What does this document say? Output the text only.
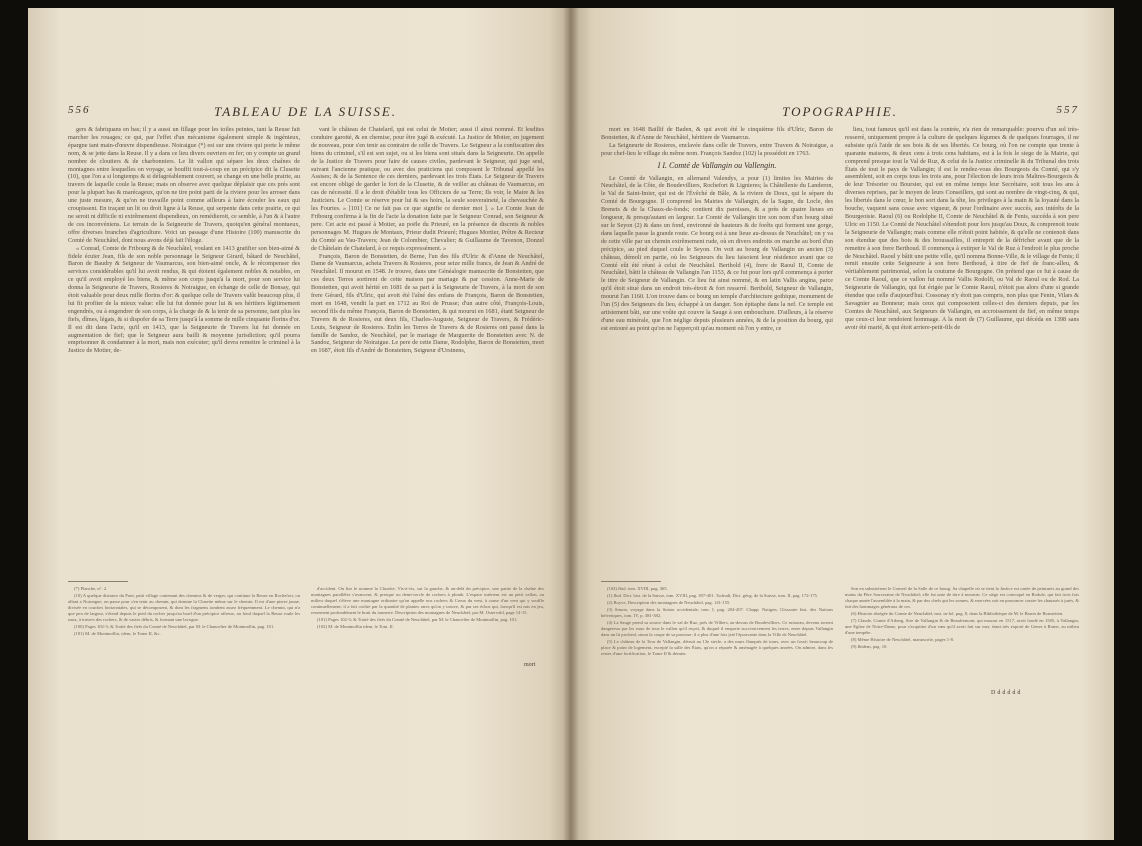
556	TABLEAU DE LA SUISSE.

gers & fabriquans en bas; il y a aussi un fillage pour les toiles peintes, tant la Reuse fait marcher les rouages; ce qui, par l'effet d'un mécanisme également simple & ingénieux, épargne tant main-d'œuvre dispendieuse. Noiraigue (*) est sur une riviere qui porte le même nom, & se jette dans la Reuse. Il y a dans ce lieu divers ouvriers en fer; on y compte un grand nombre de cloutiers & de charbonniers. Le lit vallon qui sépare les deux chaînes de montagnes entre lesquelles on voyage, se bouffit tout-à-coup en un précipice dit la Clusette (10), que l'on a si longtemps & si défagréablement couvert, se change en une belle prairie, au travers de laquelle coule la Reuse; mais on observe avec quelque déplaisir que ces prés sont pour la plupart bas & marécageux, qu'on ne tire point parti de la riviere pour les arroser dans une juste mesure, & qu'on ne travaille point comme ailleurs à faire écouler les eaux qui croupissent. En traçant un lit ou droit ligne à la Reuse, qui serpente dans cette prairie, ce qui ne seroit ni difficile ni extrêmement dispendieux, on remédieroit, ce semble, à l'un & à l'autre de ces inconvéniens. Le terrain de la Seigneurie de Travers, quoiqu'en général montueux, offre diverses branches d'agriculture. Voici un passage d'une Histoire (100) manuscrite du Comté de Neuchâtel, dont nous avons déjà fait l'éloge.

« Conrad, Comte de Fribourg & de Neuchâtel, voulant en 1413 gratifier son bien-aimé & fidele écuïer Jean, fils de son noble personnage le Seigneur Girard, bâtard de Neuchâtel, Baron de Baudry & Seigneur de Vaumarcus, son bien-aimé oncle, & le récompenser des services considérables qu'il lui avoit rendus, & qui étoient également nobles & notables, en ce qu'il avoit employé les biens, & même son corps jusqu'à la mort, pour son service lui donna la Seigneurie de Travers, Rosieres & Noiraigue, en échange de celle de Bonsay, qui étoit valuable pour deux mille florins d'or: & quelque celle de Travers valût beaucoup plus, il lui fit profiter de la mieux value: elle lui fut donnée pour lui & ses héritiers légitimement engendrés, ou à engendrer de son corps, à la charge de & la tenir de sa personne, tant plus les fiefs, dîmes, légats, & si dispofer de sa Terre jusqu'à la somme de mille cinquante florins d'or. Il est dit dans l'acte, qu'il en 1413, que la Seigneurie de Travers lui fut donnée en augmentation de fief; que le Seigneur aura bailli & moyenne jurisdiction; qu'il pourra emprisonner & condamner à la mort, mais non exécuter; qu'il devra remettre le criminel à la Justice de Motier, de-

vant le château de Chatelard, qui est celui de Motier; aussi il ainsi nommé. Et lesdites conduire garotté, & en chemise, pour être jugé & exécuté. La Justice de Motier, en jugement de nouveau, pour s'en tenir au contraire de celle de Travers. Le Seigneur a la confiscation des biens du criminel, s'il est son sujet, ou si les biens sont situés dans la Seigneurie. On appelle de la Justice de Travers pour faire de causes civiles, pardevant le Seigneur, qui juge seul, suivant l'ancienne pratique, ou avec des praticiens qui composent le Tribunal appellé les Assises; & de la Sentence de ces derniers, pardevant les trois États. Le Seigneur de Travers est encore obligé de garder le fort de la Clusette, & de veiller au château de Vaumarcus, en cas de nécessité. Il a le droit d'établir tous les Officiers de sa Terre; Ils voir, le Maire & les Justiciers. Le Comte se réserve pour lui & ses hoirs, la seule souveraineté, la chevauchée & les Fourtes. » [101] Ce ne fait pas ce que signifie ce dernier mot ]. » Le Comte Jean de Fribourg confirma à la fin de l'acte la donation faite par le Seigneur Conrad, son Seigneur & pere. Cet acte est passé à Motier, au poële du Prieuré, en la présence de discrets & nobles personnages M. Hugues de Montaux, Prieur dudit Prieuré; Hugues Mortier, Prêtre & Recteur du Comté au Vau-Travers; Jean de Colombier, Chevalier; & Guillaume de Tavenon, Donzel de Châtelain de Chatelard, à ce requis expressément. »

François, Baron de Bonstetten, de Berne, l'un des fils d'Ulric & d'Anne de Neuchâtel, Dame de Vaumarcus, acheta Travers & Rosieres, pour seize mille francs, de Jean & André de Neuchâtel. Il mourut en 1548. Je trouve, dans une Généalogie manuscrite de Bonstetten, que ces deux Terres sortirent de cette maison par mariage & par cession. Anne-Marie de Bonstetten, qui avoit hérité en 1681 de sa part à la Seigneurie de Travers, à la mort de son frere Gérard, fils d'Ulric, qui avoit été l'aîné des enfans de François, Baron de Bonstetten, mort en 1648, vendit la part en 1712 au Roi de Prusse; d'un autre côté, François-Louis, second fils du même François, Baron de Bonstetten, & qui mourut en 1681, étant Seigneur de Travers & de Rosieres, eut deux fils, Charles-Auguste, Seigneur de Travers, & Frédéric-Louis, Seigneur de Rosieres. Enfin les Terres de Travers & de Rosieres ont passé dans la famille de Sandoz, de Neuchâtel, par le mariage de Marguerite de Bonstetten avec N. de Sandoz, Seigneur de Noiraigue. Le pere de cette Dame, Rodolphe, Baron de Bonstetten, mort en 1687, étoit fils d'André de Bonstetten, Seigneur d'Ursinens,

(*) Planche, n°. 2.

(10) A quelque distance du Pont, petit village contenant des chemins & de verger, qui continue la Reuse en Rochefort, on allant a Noiraigue, on passe pour s'en tenir au chemin, qui domine la Clusette même sur le chemin. Il est d'une pierre jaune, divisée en couches horizontales, qui se décomposent, & dont les fragmens tombent assez fréquemment. Le chemin, qui n'a que peu de largeur, s'étend depuis le pied du rocher jusqu'au bord d'un précipice affreux, au fond duquel la Reuse roule les eaux, à travers des rochers, & de vastes débris, & formant une lavogne.

(100) Pages 102-3; & Traité des fiefs du Comté de Neuchâtel, par M. le Chancelier de Montmollin, pag. 101.

(101) M. de Montmollin, idem, le Tome II, &c.

d'accident. On lise le nomme la Clusette. Vis-à-vis, sur la gauche, & au-delà du précipice, une partie de la chaîne des montagnes parallèles s'avancent, & presque ou demi-cercle de rochers à plomb. L'espace intérieur est un petit vallon, au milieu duquel s'éleve une montagne ordinaire qu'on appelle nos rochers & Creux du vent, à cause d'un vent qui y souffle continuellement; il a fait croître par la quantité de plantes rares qu'on y trouve, & par ses échos qui, lorsqu'il est mis en jeu, ressentent profondément le bruit du tonnerre. Description des montagnes de Neuchâtel, par M. Ostervald, page 14-15.

(101) Pages 102-3; & Traité des fiefs du Comté de Neuchâtel, par M. le Chancelier de Montmollin, pag. 101.

(102) M. de Montmollin idem, le Tom. II.

mort
TOPOGRAPHIE.	557

mort en 1648 Baillif de Baden, & qui avoit été le cinquième fils d'Ulric, Baron de Bonstetten, & d'Anne de Neuchâtel, héritiere de Vaumarcus.

La Seigneurie de Rosieres, enclavée dans celle de Travers, entre Travers & Noiraigue, a pour chef-lieu le village du même nom. François Sandoz (102) la possédoit en 1763.

I I. Comté de Vallangin ou Vallengin.

Le Comté de Vallangin, en allemand Valendys, a pour (1) limites les Mairies de Neuchâtel, de la Côte, de Boudevilliers, Rochefort & Lignieres; la Châtellenie du Landeron, le Val de Saint-Imier, qui est de l'Évêché de Bâle, & la riviere de Doux, qui le sépare du Comté de Bourgogne. Il comprend les Mairies de Vallangin, de la Sagne, du Locle, des Brenets & de la Chaux-de-fonds; contient dix paroisses, & a près de quatre lieues en longueur, & presqu'autant en largeur. Le Comté de Vallangin tire son nom d'un bourg situé sur le Seyon (2) & dans un fond, environné de hauteurs & de forêts qui forment une gorge, dans laquelle passe la grande route. Ce bourg est à une lieue au-dessus de Neuchâtel; on y va de cette ville par un chemin extrêmement rude, où en divers endroits on marche au bord d'un précipice, au pied duquel coule le Seyon. On voit au bourg de Vallangin un ancien (3) château, démoli en partie, où les Seigneurs du lieu faisoient leur résidence avant que ce Comté eût été réuni à celui de Neuchâtel. Berthold (4), frere de Raoul II, Comte de Neuchâtel, bâtit le château de Vallangin l'an 1153, & ce fut pour lors qu'il commença à porter le titre de Seigneur de Vallangin. Ce lieu fut ainsi nommé, & en latin Vallis angina, parce qu'il étoit situé dans un endroit très-étroit & fort resserré. Berthold, Seigneur de Vallangin, mourut l'an 1160. L'on trouve dans ce bourg un temple d'architecture gothique, monument de l'un (5) des Seigneurs du lieu, échappé à un danger. Son épitaphe dans la nef. Ce temple est artistement bâti, sur une voûte qui couvre la Sauge à son embouchure. D'ailleurs, à la réserve d'une eau minérale, que l'on néglige depuis plusieurs années, & de la position du bourg, qui est entouré au point qu'on ne l'apperçoit qu'au moment où l'on y entre, ce

lieu, tout fameux qu'il est dans la contrée, n'a rien de remarquable: pourvu d'un sol très-resserré, uniquement propre à la culture de quelques légumes & de quelques fourrages, il ne subsiste qu'à l'aide de ses bois & de ses libertés. Ce bourg, où l'on ne compte que trente à quarante maisons, & deux cens à trois cens habitans, est à la fois le siege de la Mairie, qui comprend presque tout le Val de Ruz, & celui de la Justice criminelle & du Tribunal des trois États de tout le pays de Vallangin; il est le rendez-vous des Bourgeois du Comté, qui s'y assemblent, soit en corps tous les trois ans, pour l'élection de leurs trois Maîtres-Bourgeois & de leur Trésorier ou Boursier, qui est en même temps leur Secrétaire, soit tous les ans à diverses reprises, par le moyen de leurs Conseillers, qui sont au nombre de vingt-cinq, & qui, les libertés dans le cœur, le bon sort dans la tête, les privileges à la main & la loyauté dans la bouche, vaquent sans cesse avec vigueur, & pour l'ordinaire avec succès, aux intérêts de la Bourgeoisie. Raoul (6) ou Rodolphe II, Comte de Neuchâtel & de Fenis, succéda à son pere Ulric en 1150. Le Comté de Neuchâtel s'étendoit pour lors jusqu'au Doux, & comprenoit toute la Seigneurie de Vallangin; mais comme elle n'étoit point habitée, & qu'elle ne contenoit dans son étendue que des bois & des broussailles, il entreprit de la défricher avant que de la remettre à son frere Berthoud. Il commença à extirper le Val de Ruz à l'endroit le plus proche de Neuchâtel. Raoul y bâtit une petite ville, qu'il nomma Bonne-Ville, & le village de Fenis; il remit ensuite cette Seigneurie à son frere Berthoud, à titre de fief de franc-alleu, & véritablement patrimonial, selon la coutume de Bourgogne. On prétend que ce fut à cause de ce Comte Raoul, que ce vallon fut nommé Vallis Rodolfi, ou Val de Raoul ou de Rod. La Seigneurie de Vallangin, qui fut érigée par le Comte Raoul, n'étoit pas alors d'une si grande étendue que celle d'aujourd'hui. Cossonay n'y étoit pas compris, non plus que Fenin, Vilars & Savagnier au Bonneur; mais ceux qui composoient celles-ci des derniers depuis, par les Comtes de Neuchâtel, aux Seigneurs de Vallangin, en accroissement de fief, en même temps que ceux-ci leur rendoient hommage. A la mort de (7) Guillaume, qui décéda en 1398 sans avoir été marié, & qui étoit arriere-petit-fils de

(102) Ibid. tom. XVIII, pag. 365.

(1) Ibid. Dict. hist. de la Suisse, tom. XVIII, pag. 397-401. Tschudi, Dict. géog. de la Suisse, tom. II, pag. 172-175.

(2) Boyve, Description des montagnes de Neuchâtel, pag. 141-155.

(3) Simon, voyage dans la Suisse occidentale, tom. I, pag. 204-207. Chapp. Natigen, Glossaire hist. des Nations helvetiques, tom. IV, p. 381-382.

(4) La Sauge prend sa source dans le val de Ruz, près de Villiers, au-dessus de Boudevilliers. Ce ruisseau, devenu torrent dangereux par les eaux de tous le vallon qu'il reçoit, & duquel il emporte successivement les terres, entre depuis Vallangin dans un lit profond, sinon la coupe de sa paroisse; il a plus d'une fois jeté l'épouvante dans la Ville de Neuchâtel.

(5) Le château de la Tour de Vallangin, détruit au 13e siecle, a des murs flanqués de tours, avec un fossé; beaucoup de place & point de logement, excepté la salle des États, qu'on a réparée & aménagée à quelques années. On admire, dans les restes d'une fortification, le Tome II & dernier.

Son en subsistèrent le Conseil de la Salle de ce bourg. Sa chapelle où se tient la Justice est ornée de peintures au grand des mains du Père Souveraine de Neuchâtel; elle fut unie de titre à meurtrir. Ce siège est convoqué en Rodule, qui fait trois fois chaque année l'assemblée à la main, & par des chefs qui les sonnes, & exercées soit en prononcer contre les chaussés à jurés, & fait des hommages généraux de ces.

(6) Histoire abrégée du Comte de Neuchâtel, mst. in-fol. pag. 8, dans la Bibliothèque de M. le Baron de Bonstetten.

(7) Claude, Comte d'Arberg, Sire de Vallangin & de Beaufremont, qui mourut en 1517, avoit fondé en 1505, à Vallangin, une Eglise de Notre-Dame, pour s'acquitter d'un vœu qu'il avoit fait sur mer, étant très exposé de Genes à Rome, au milieu d'une tempête.

(8) Même Histoire de Neuchâtel, manuscrite, pages 1-8.

(9) Ibidem, pag. 10.

Dddddd
